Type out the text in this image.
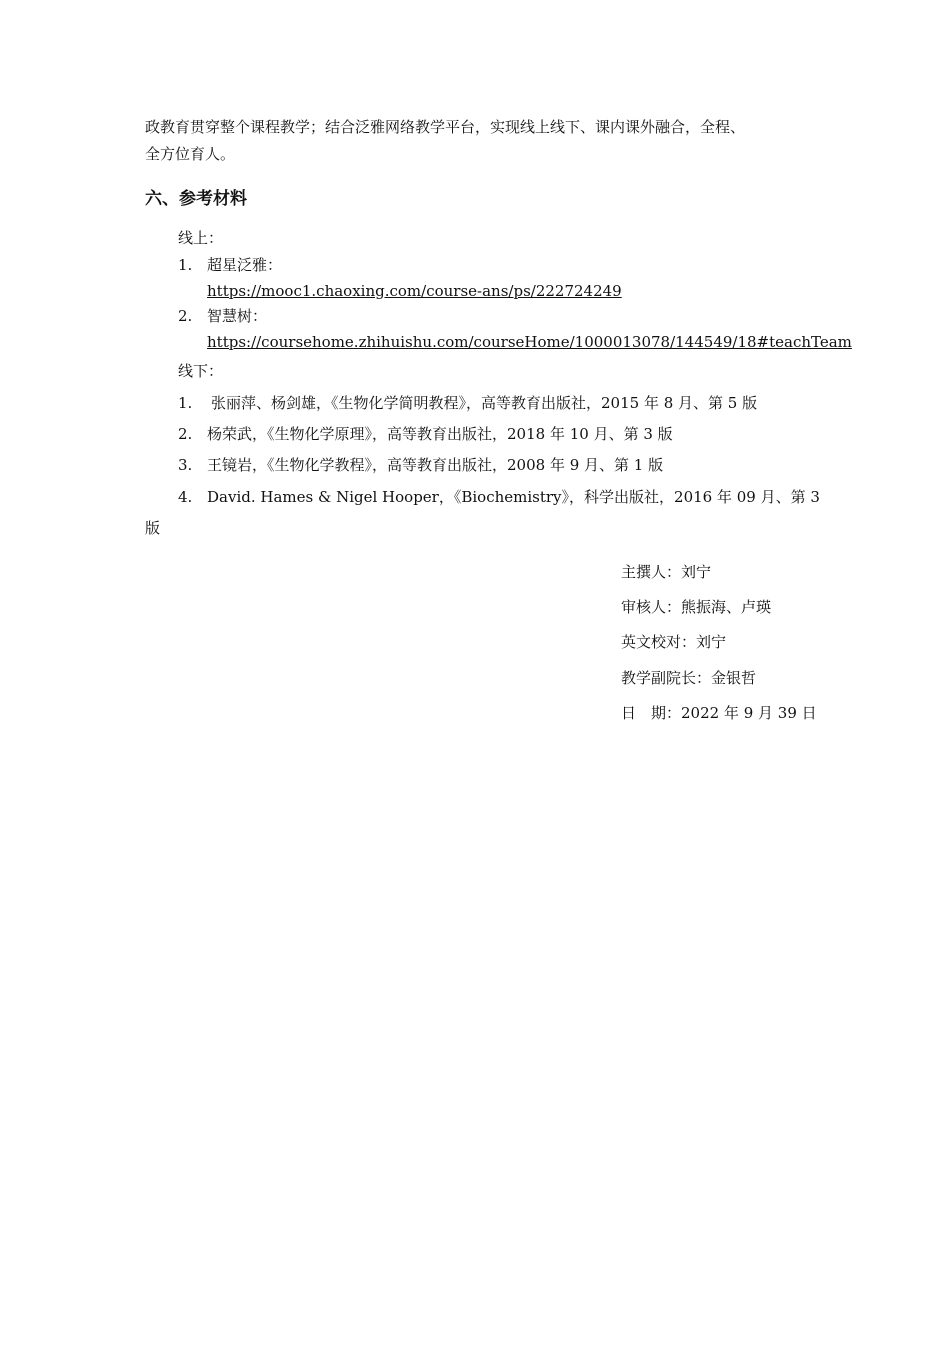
政教育贯穿整个课程教学；结合泛雅网络教学平台，实现线上线下、课内课外融合，全程、
全方位育人。
六、参考材料
线上：
1. 超星泛雅：
https://mooc1.chaoxing.com/course-ans/ps/222724249
2. 智慧树：
https://coursehome.zhihuishu.com/courseHome/1000013078/144549/18#teachTeam
线下：
1. 张丽萍、杨剑雄，《生物化学简明教程》，高等教育出版社，2015 年 8 月、第 5 版
2. 杨荣武，《生物化学原理》，高等教育出版社，2018 年 10 月、第 3 版
3. 王镜岩，《生物化学教程》，高等教育出版社，2008 年 9 月、第 1 版
4. David. Hames & Nigel Hooper，《Biochemistry》，科学出版社，2016 年 09 月、第 3
版
主撰人：刘宁
审核人：熊振海、卢瑛
英文校对：刘宁
教学副院长：金银哲
日　期：2022 年 9 月 39 日
